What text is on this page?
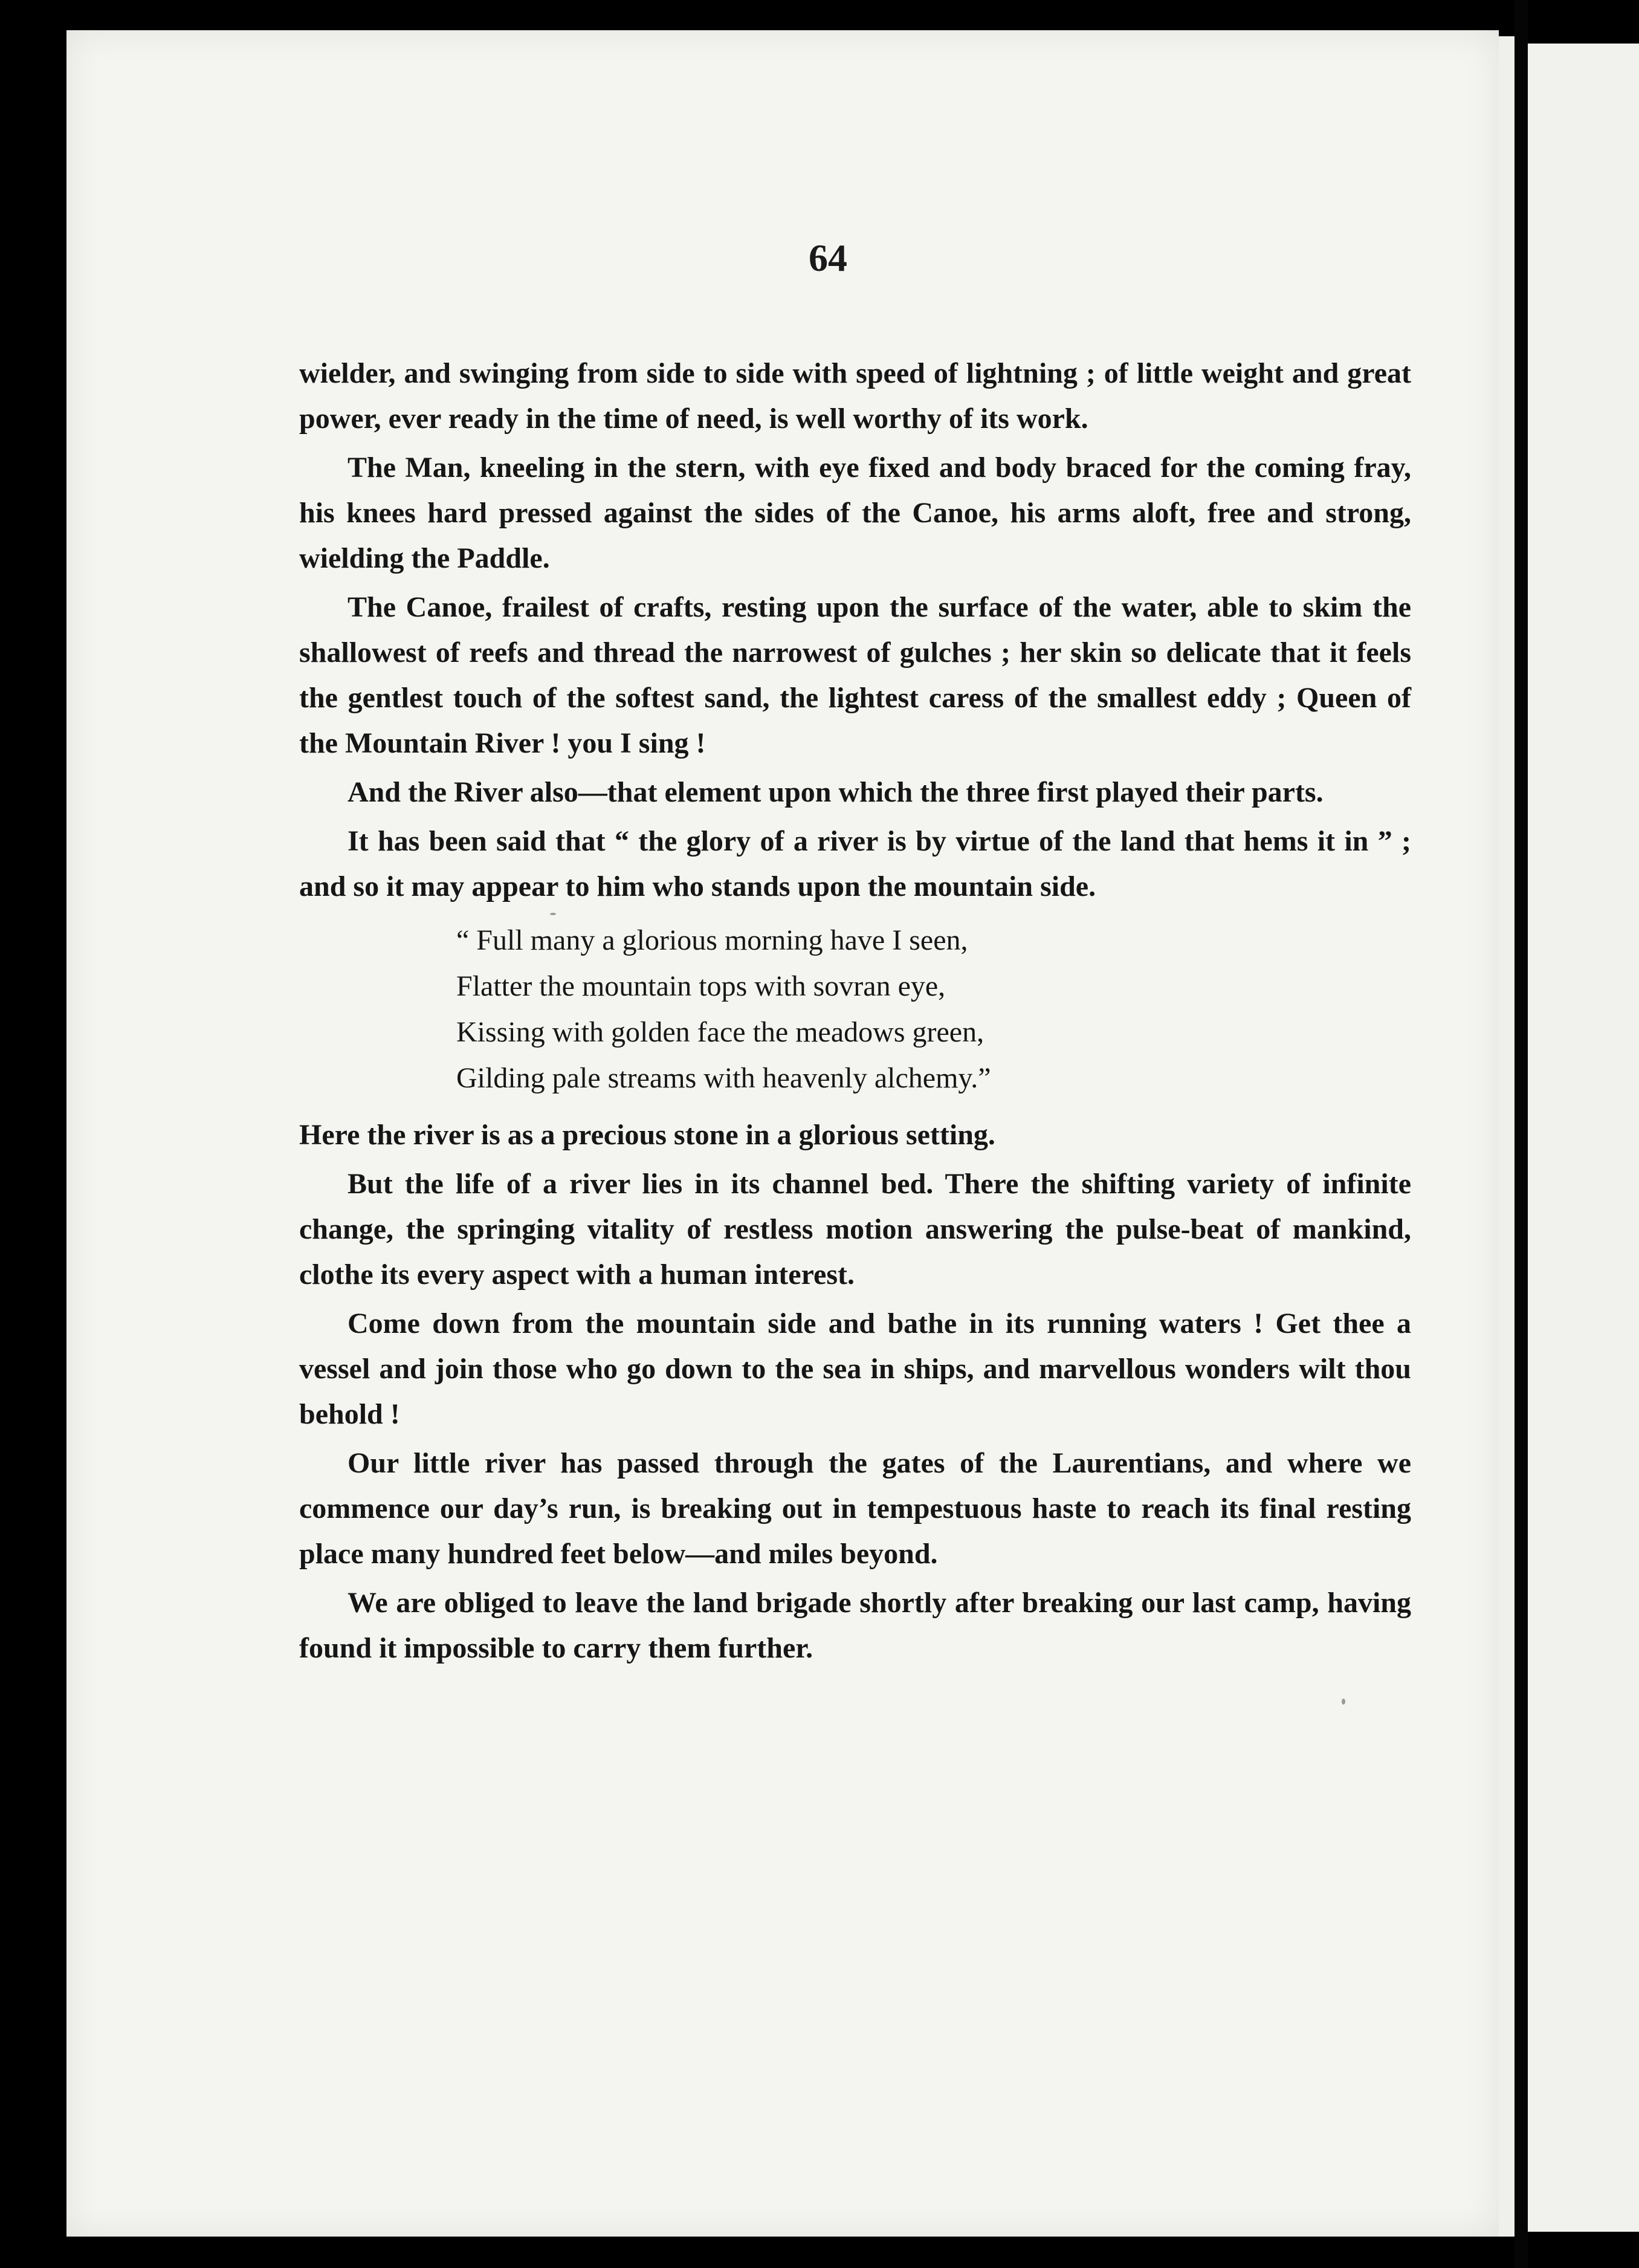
64

wielder, and swinging from side to side with speed of lightning ; of little weight and great power, ever ready in the time of need, is well worthy of its work.

The Man, kneeling in the stern, with eye fixed and body braced for the coming fray, his knees hard pressed against the sides of the Canoe, his arms aloft, free and strong, wielding the Paddle.

The Canoe, frailest of crafts, resting upon the surface of the water, able to skim the shallowest of reefs and thread the narrowest of gulches ; her skin so delicate that it feels the gentlest touch of the softest sand, the lightest caress of the smallest eddy ; Queen of the Mountain River ! you I sing !

And the River also—that element upon which the three first played their parts.

It has been said that “ the glory of a river is by virtue of the land that hems it in ” ; and so it may appear to him who stands upon the mountain side.

“ Full many a glorious morning have I seen,
Flatter the mountain tops with sovran eye,
Kissing with golden face the meadows green,
Gilding pale streams with heavenly alchemy.”

Here the river is as a precious stone in a glorious setting.

But the life of a river lies in its channel bed. There the shifting variety of infinite change, the springing vitality of restless motion answering the pulse-beat of mankind, clothe its every aspect with a human interest.

Come down from the mountain side and bathe in its running waters ! Get thee a vessel and join those who go down to the sea in ships, and marvellous wonders wilt thou behold !

Our little river has passed through the gates of the Laurentians, and where we commence our day’s run, is breaking out in tempestuous haste to reach its final resting place many hundred feet below—and miles beyond.

We are obliged to leave the land brigade shortly after breaking our last camp, having found it impossible to carry them further.
